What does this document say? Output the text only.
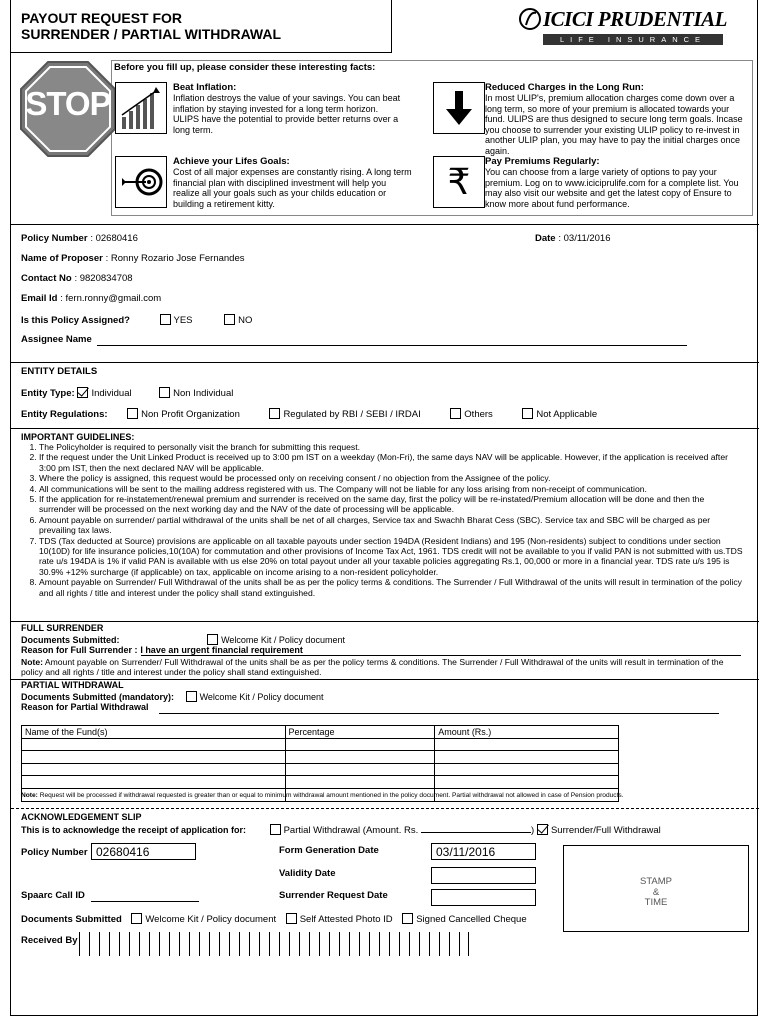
PAYOUT REQUEST FOR
SURRENDER / PARTIAL WITHDRAWAL
ICICI PRUDENTIAL
LIFE INSURANCE
STOP
Before you fill up, please consider these interesting facts:
₹
Beat Inflation:
Inflation destroys the value of your savings. You can beat inflation by staying invested for a long term horizon. ULIPS have the potential to provide better returns over a long term.
Reduced Charges in the Long Run:
In most ULIP's, premium allocation charges come down over a long term, so more of your premium is allocated towards your fund. ULIPS are thus designed to secure long term goals. Incase you choose to surrender your existing ULIP policy to re-invest in another ULIP plan, you may have to pay the initial charges once again.
Achieve your Lifes Goals:
Cost of all major expenses are constantly rising. A long term financial plan with disciplined investment will help you realize all your goals such as your childs education or building a retirement kitty.
Pay Premiums Regularly:
You can choose from a large variety of options to pay your premium. Log on to www.iciciprulife.com for a complete list. You may also visit our website and get the latest copy of Ensure to know more about fund performance.
Policy Number : 02680416	Date : 03/11/2016
Name of Proposer : Ronny Rozario Jose Fernandes
Contact No : 9820834708
Email Id : fern.ronny@gmail.com
Is this Policy Assigned?	YES	NO
Assignee Name
ENTITY DETAILS
Entity Type: Individual	Non Individual
Entity Regulations:	Non Profit Organization	Regulated by RBI / SEBI / IRDAI	Others	Not Applicable
IMPORTANT GUIDELINES:
1. The Policyholder is required to personally visit the branch for submitting this request.
2. If the request under the Unit Linked Product is received up to 3:00 pm IST on a weekday (Mon-Fri), the same days NAV will be applicable. However, if the application is received after 3:00 pm IST, then the next declared NAV will be applicable.
3. Where the policy is assigned, this request would be processed only on receiving consent / no objection from the Assignee of the policy.
4. All communications will be sent to the mailing address registered with us. The Company will not be liable for any loss arising from non-receipt of communication.
5. If the application for re-instatement/renewal premium and surrender is received on the same day, first the policy will be re-instated/Premium allocation will be done and then the surrender will be processed on the next working day and the NAV of the date of processing will be applicable.
6. Amount payable on surrender/ partial withdrawal of the units shall be net of all charges, Service tax and Swachh Bharat Cess (SBC). Service tax and SBC will be charged as per prevailing tax laws.
7. TDS (Tax deducted at Source) provisions are applicable on all taxable payouts under section 194DA (Resident Indians) and 195 (Non-residents) subject to conditions under section 10(10D) for life insurance policies,10(10A) for commutation and other provisions of Income Tax Act, 1961. TDS credit will not be available to you if valid PAN is not submitted with us.TDS rate u/s 194DA is 1% if valid PAN is available with us else 20% on total payout under all your taxable policies aggregating Rs.1, 00,000 or more in a financial year. TDS rate u/s 195 is 30.9% +12% surcharge (if applicable) on tax, applicable on income arising to a non-resident policyholder.
8. Amount payable on Surrender/ Full Withdrawal of the units shall be as per the policy terms & conditions. The Surrender / Full Withdrawal of the units will result in termination of the policy and all rights / title and interest under the policy shall stand extinguished.
FULL SURRENDER
Documents Submitted:	Welcome Kit / Policy document
Reason for Full Surrender : I have an urgent financial requirement
Note: Amount payable on Surrender/ Full Withdrawal of the units shall be as per the policy terms & conditions. The Surrender / Full Withdrawal of the units will result in termination of the policy and all rights / title and interest under the policy shall stand extinguished.
PARTIAL WITHDRAWAL
Documents Submitted (mandatory):	Welcome Kit / Policy document
Reason for Partial Withdrawal
Name of the Fund(s)	Percentage	Amount (Rs.)

Note: Request will be processed if withdrawal requested is greater than or equal to minimum withdrawal amount mentioned in the policy document. Partial withdrawal not allowed in case of Pension products.
ACKNOWLEDGEMENT SLIP
This is to acknowledge the receipt of application for:	Partial Withdrawal (Amount. Rs.	) Surrender/Full Withdrawal
Policy Number 02680416	Form Generation Date	03/11/2016
Validity Date
Spaarc Call ID	Surrender Request Date
STAMP
&
TIME
Documents Submitted Welcome Kit / Policy document Self Attested Photo ID Signed Cancelled Cheque
Received By
